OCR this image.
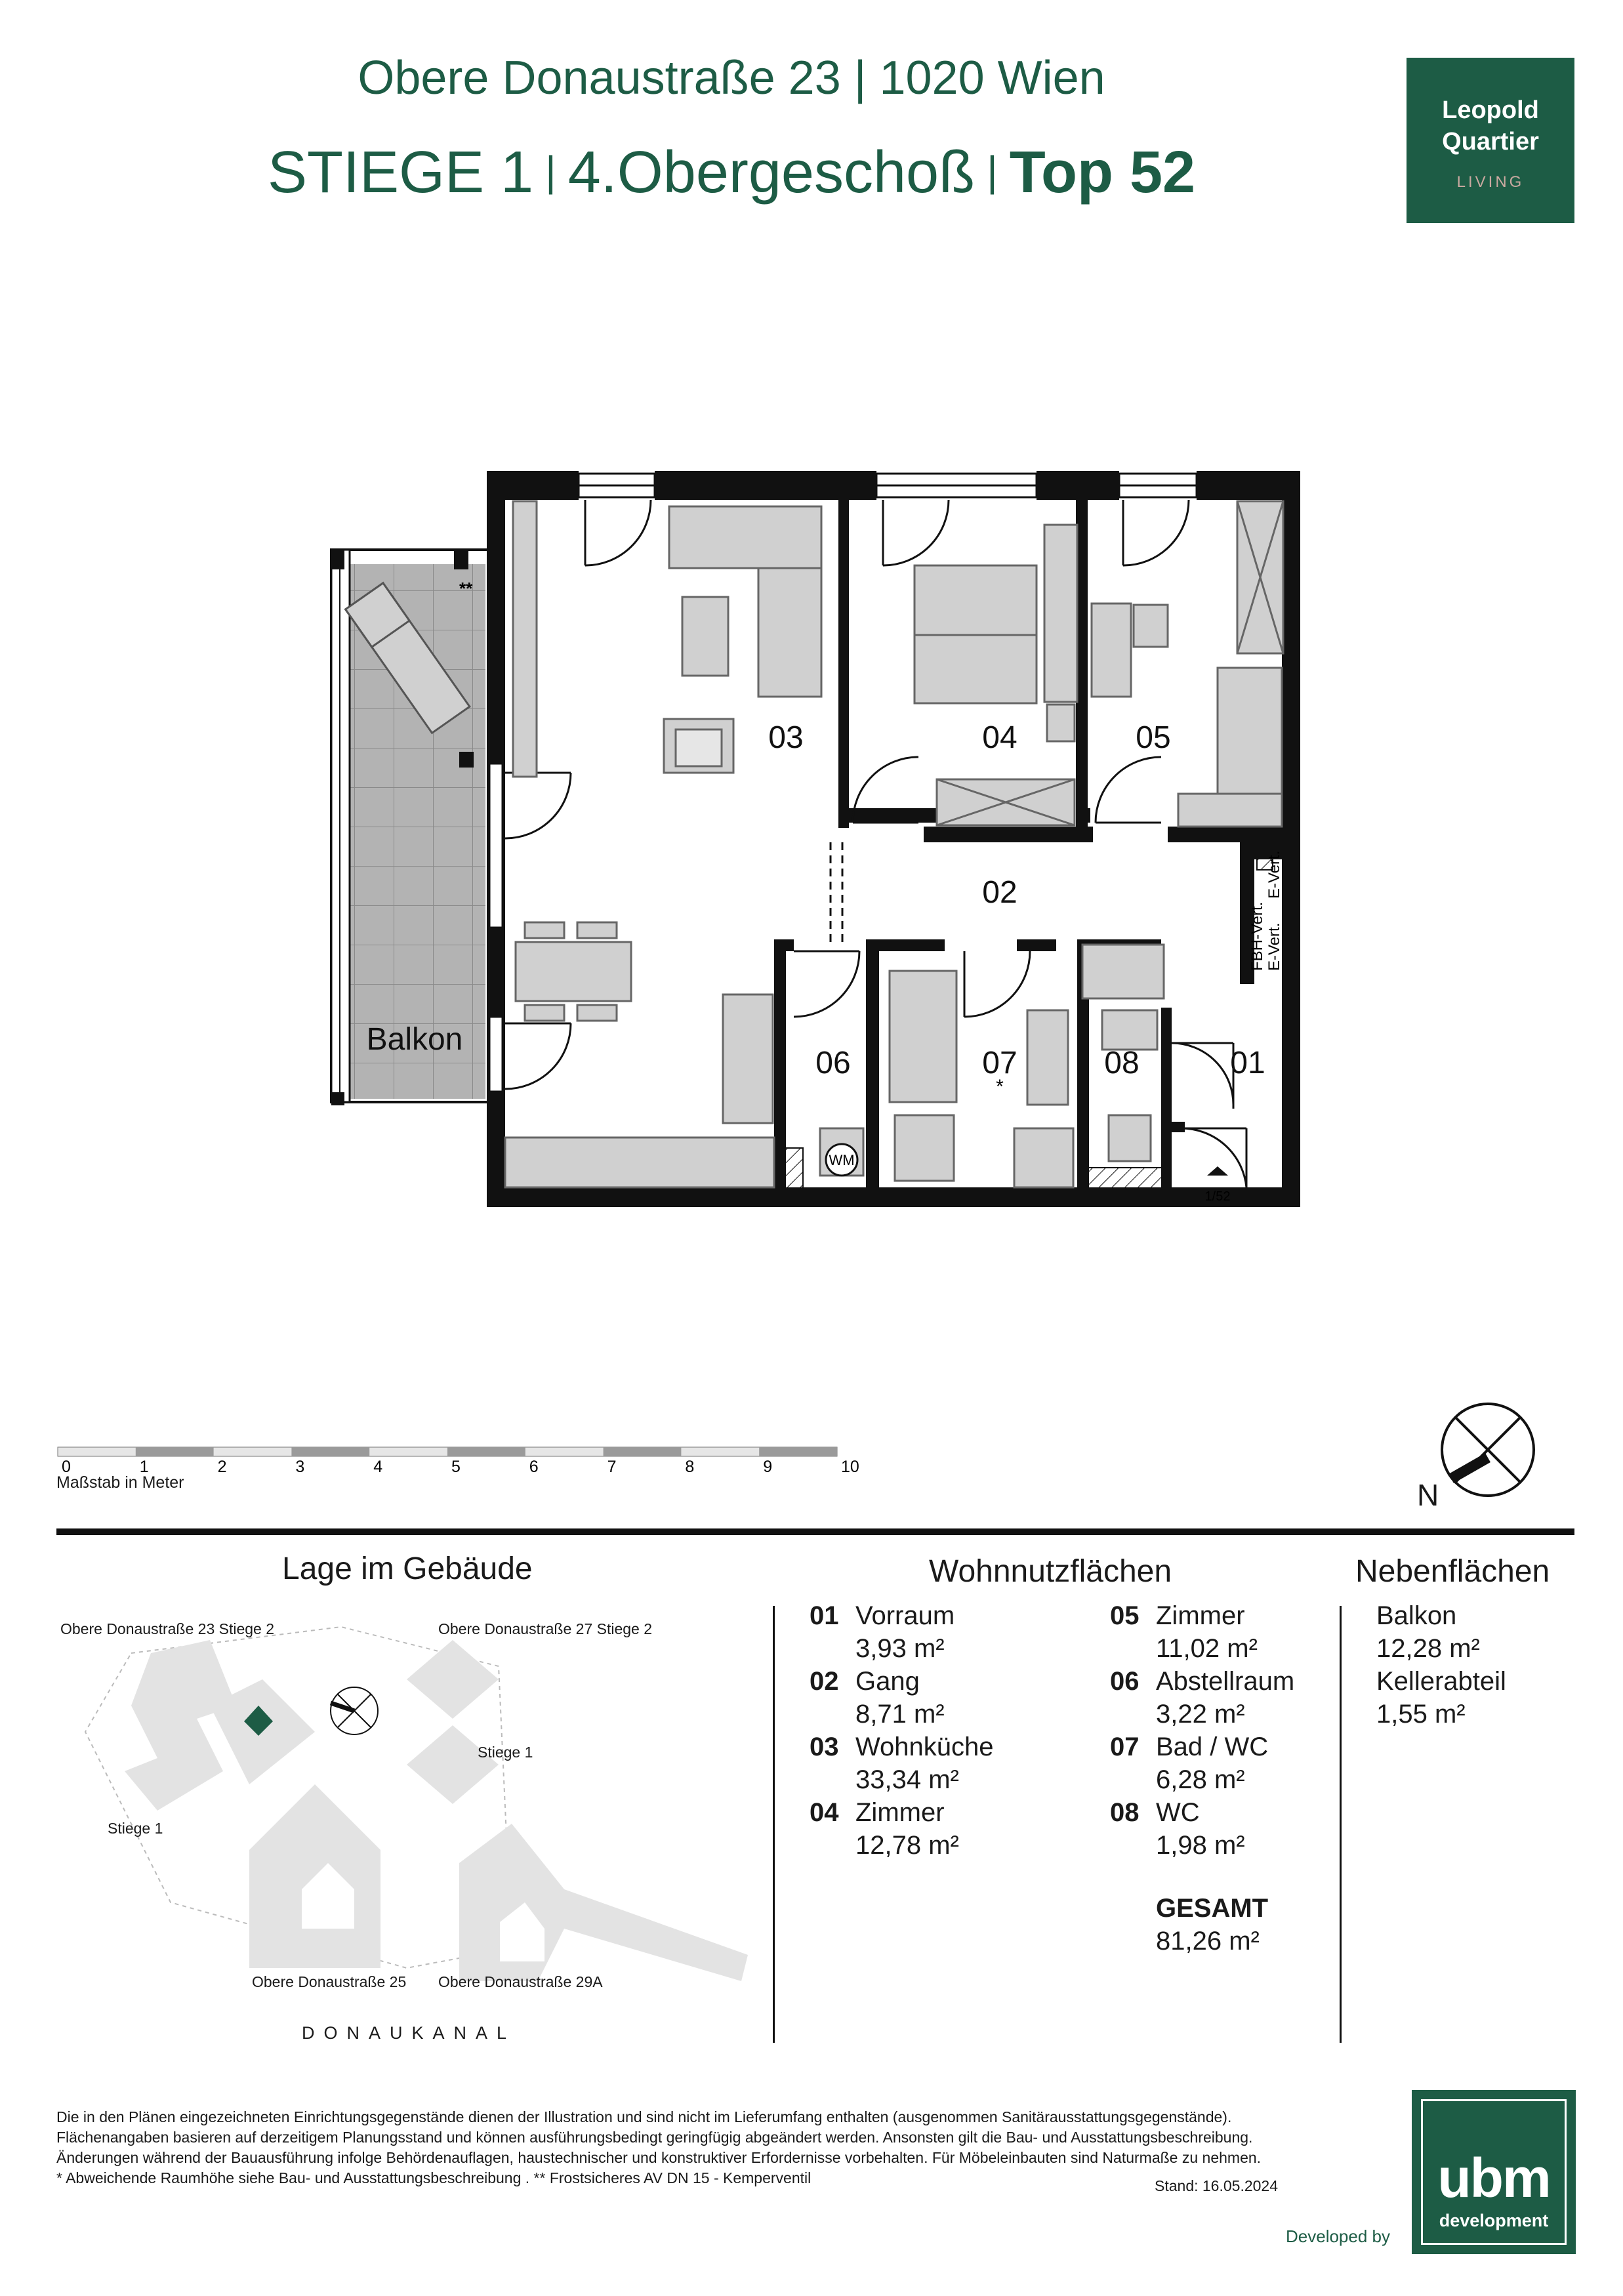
Obere Donaustraße 23 | 1020 Wien
STIEGE 1 | 4.Obergeschoß | Top 52
Leopold
Quartier
LIVING
**
WM
03	04	05
02
06	07	08	01
*
Balkon
1/52
FBH-Vert. E-Vert.
E-Vert.
0	1	2	3	4	5	6	7	8	9	10
Maßstab in Meter	N
Lage im Gebäude
Obere Donaustraße 23 Stiege 2	Obere Donaustraße 27 Stiege 2
Stiege 1
Stiege 1
Obere Donaustraße 25 Obere Donaustraße 29A
DONAUKANAL
Wohnnutzflächen
01 Vorraum
3,93 m²
02 Gang
8,71 m²
03 Wohnküche
33,34 m²
04 Zimmer
12,78 m²
05 Zimmer
11,02 m²
06 Abstellraum
3,22 m²
07 Bad / WC
6,28 m²
08 WC
1,98 m²
GESAMT
81,26 m²
Nebenflächen
Balkon
12,28 m²
Kellerabteil
1,55 m²
Die in den Plänen eingezeichneten Einrichtungsgegenstände dienen der Illustration und sind nicht im Lieferumfang enthalten (ausgenommen Sanitärausstattungsgegenstände).
Flächenangaben basieren auf derzeitigem Planungsstand und können ausführungsbedingt geringfügig abgeändert werden. Ansonsten gilt die Bau- und Ausstattungsbeschreibung.
Änderungen während der Bauausführung infolge Behördenauflagen, haustechnischer und konstruktiver Erfordernisse vorbehalten. Für Möbeleinbauten sind Naturmaße zu nehmen.
* Abweichende Raumhöhe siehe Bau- und Ausstattungsbeschreibung . ** Frostsicheres AV DN 15 - Kemperventil	Stand: 16.05.2024
Developed by
ubm
development
